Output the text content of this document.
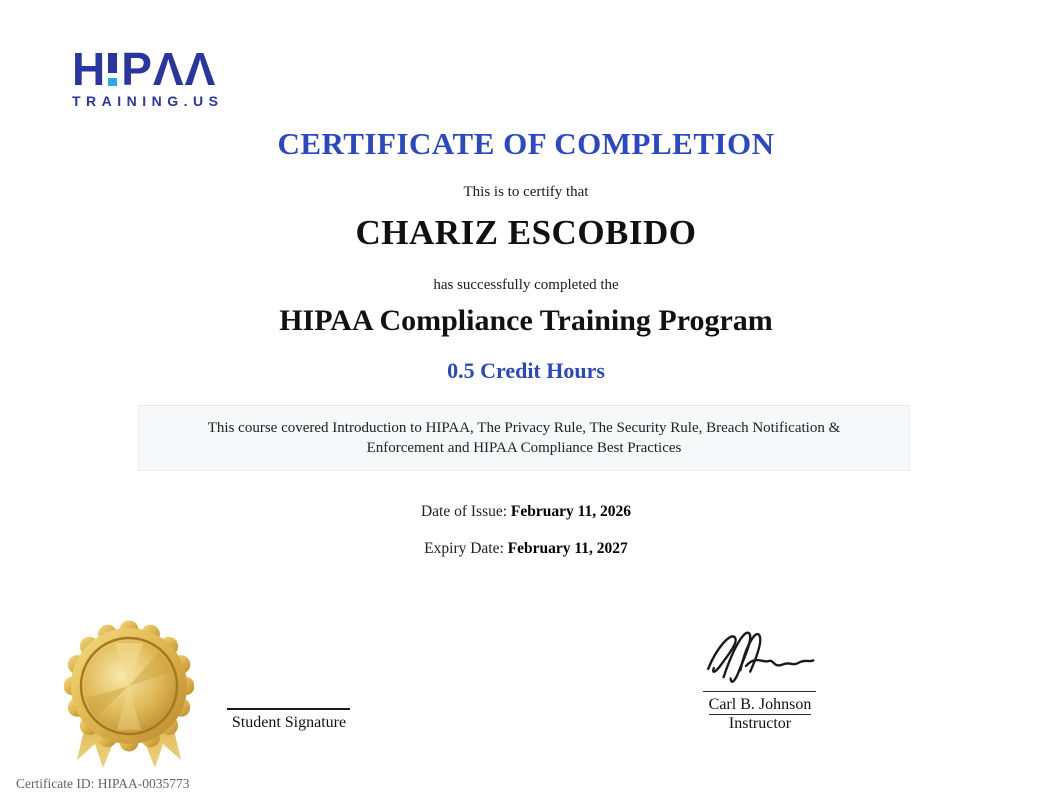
H P ΛΛ
TRAINING.US
CERTIFICATE OF COMPLETION
This is to certify that
CHARIZ ESCOBIDO
has successfully completed the
HIPAA Compliance Training Program
0.5 Credit Hours
This course covered Introduction to HIPAA, The Privacy Rule, The Security Rule, Breach Notification & Enforcement and HIPAA Compliance Best Practices
Date of Issue: February 11, 2026
Expiry Date: February 11, 2027
Student Signature
Carl B. Johnson
Instructor
Certificate ID: HIPAA-0035773
